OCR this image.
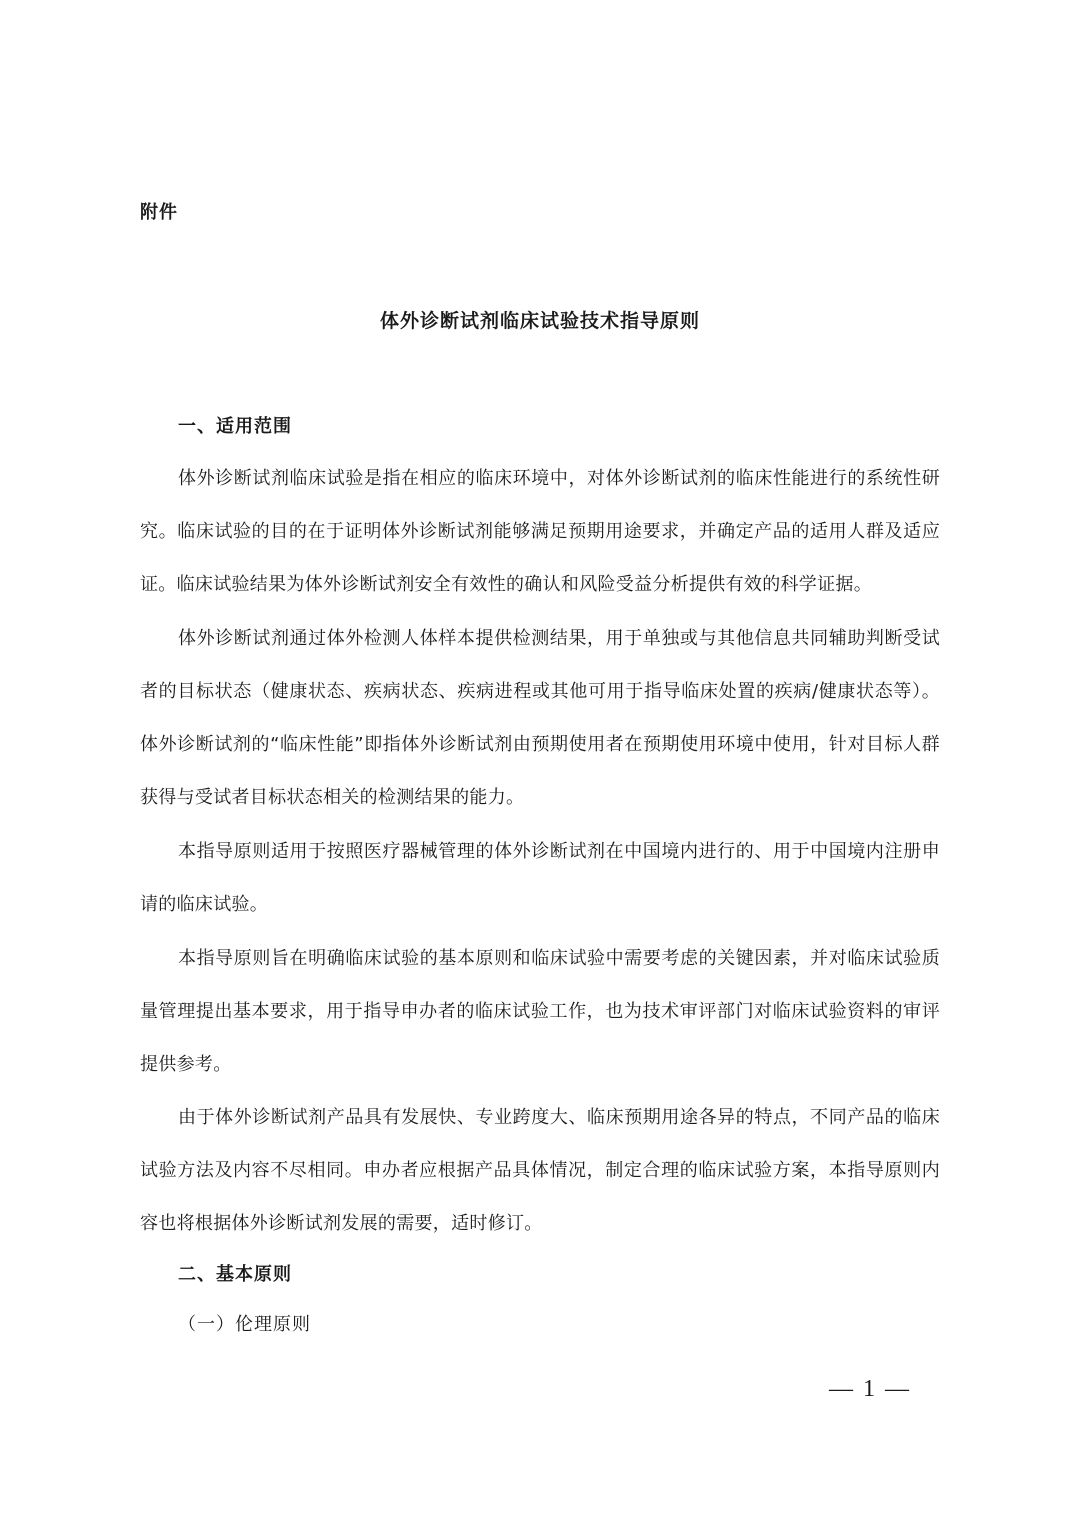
附件
体外诊断试剂临床试验技术指导原则
一、适用范围

体外诊断试剂临床试验是指在相应的临床环境中，对体外诊断试剂的临床性能进行的系统性研究。临床试验的目的在于证明体外诊断试剂能够满足预期用途要求，并确定产品的适用人群及适应证。临床试验结果为体外诊断试剂安全有效性的确认和风险受益分析提供有效的科学证据。

体外诊断试剂通过体外检测人体样本提供检测结果，用于单独或与其他信息共同辅助判断受试者的目标状态（健康状态、疾病状态、疾病进程或其他可用于指导临床处置的疾病/健康状态等）。体外诊断试剂的“临床性能”即指体外诊断试剂由预期使用者在预期使用环境中使用，针对目标人群获得与受试者目标状态相关的检测结果的能力。

本指导原则适用于按照医疗器械管理的体外诊断试剂在中国境内进行的、用于中国境内注册申请的临床试验。

本指导原则旨在明确临床试验的基本原则和临床试验中需要考虑的关键因素，并对临床试验质量管理提出基本要求，用于指导申办者的临床试验工作，也为技术审评部门对临床试验资料的审评提供参考。

由于体外诊断试剂产品具有发展快、专业跨度大、临床预期用途各异的特点，不同产品的临床试验方法及内容不尽相同。申办者应根据产品具体情况，制定合理的临床试验方案，本指导原则内容也将根据体外诊断试剂发展的需要，适时修订。

二、基本原则
（一）伦理原则
— 1 —
